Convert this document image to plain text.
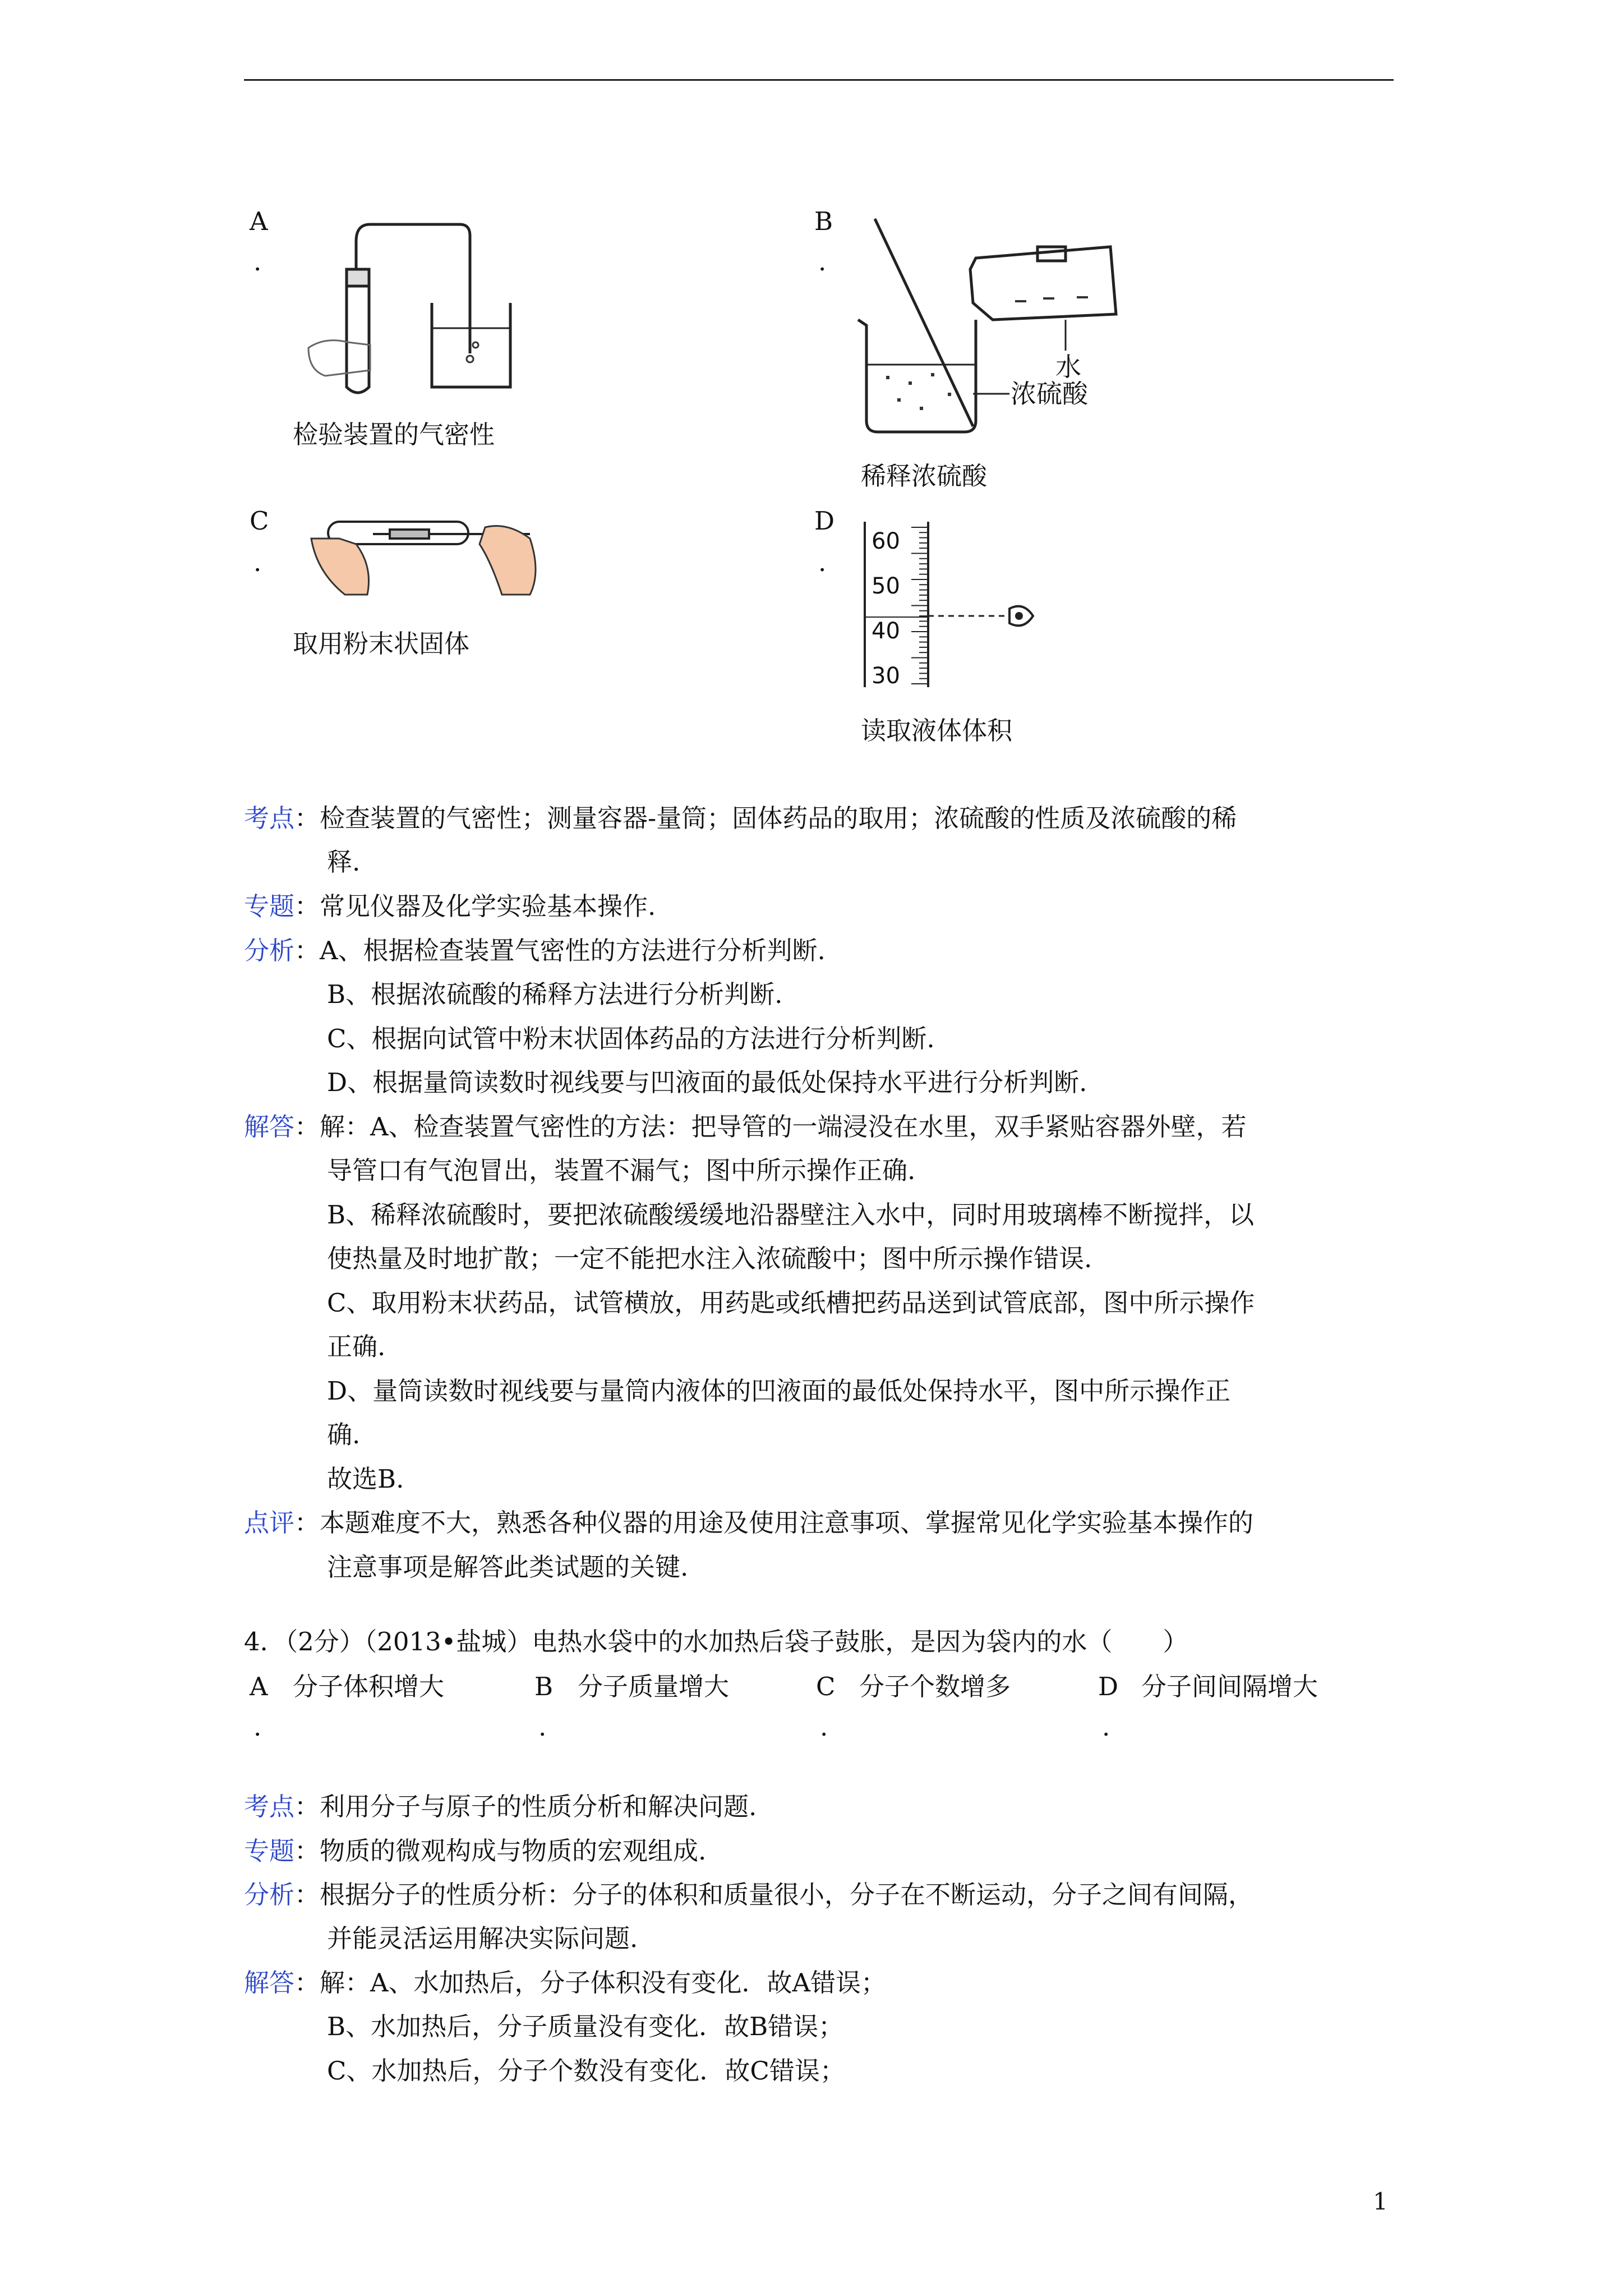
A
.
检验装置的气密性
B
.
水
浓硫酸
稀释浓硫酸
C
.
取用粉末状固体
D
.
60
50
40
30
读取液体体积
考点：检查装置的气密性；测量容器-量筒；固体药品的取用；浓硫酸的性质及浓硫酸的稀
释.
专题：常见仪器及化学实验基本操作.
分析：A、根据检查装置气密性的方法进行分析判断.
B、根据浓硫酸的稀释方法进行分析判断.
C、根据向试管中粉末状固体药品的方法进行分析判断.
D、根据量筒读数时视线要与凹液面的最低处保持水平进行分析判断.
解答：解：A、检查装置气密性的方法：把导管的一端浸没在水里，双手紧贴容器外壁，若
导管口有气泡冒出，装置不漏气；图中所示操作正确.
B、稀释浓硫酸时，要把浓硫酸缓缓地沿器壁注入水中，同时用玻璃棒不断搅拌，以
使热量及时地扩散；一定不能把水注入浓硫酸中；图中所示操作错误.
C、取用粉末状药品，试管横放，用药匙或纸槽把药品送到试管底部，图中所示操作
正确.
D、量筒读数时视线要与量筒内液体的凹液面的最低处保持水平，图中所示操作正
确.
故选B.
点评：本题难度不大，熟悉各种仪器的用途及使用注意事项、掌握常见化学实验基本操作的
注意事项是解答此类试题的关键.
4．（2分）（2013•盐城）电热水袋中的水加热后袋子鼓胀，是因为袋内的水（　　）
A 分子体积增大
.
B 分子质量增大
.
C 分子个数增多
.
D 分子间间隔增大
.
考点：利用分子与原子的性质分析和解决问题.
专题：物质的微观构成与物质的宏观组成.
分析：根据分子的性质分析：分子的体积和质量很小，分子在不断运动，分子之间有间隔，
并能灵活运用解决实际问题.
解答：解：A、水加热后，分子体积没有变化．故A错误；
B、水加热后，分子质量没有变化．故B错误；
C、水加热后，分子个数没有变化．故C错误；
1
